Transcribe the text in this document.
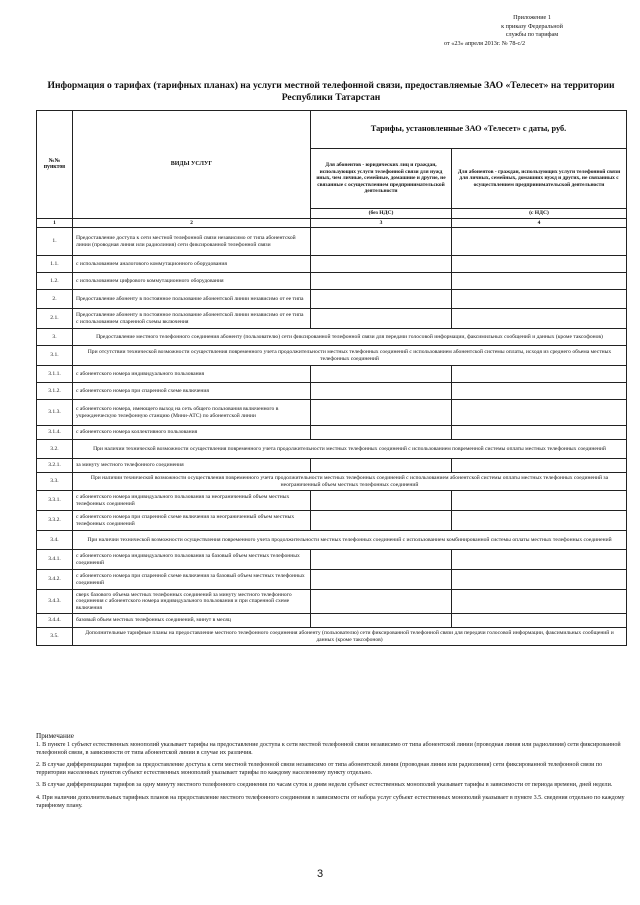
Приложение 1
к приказу Федеральной
службы по тарифам
от «23» апреля 2013г. № 78-с/2
Информация о тарифах (тарифных планах) на услуги местной телефонной связи, предоставляемые ЗАО «Телесет» на территории Республики Татарстан
№№ пунктов	ВИДЫ УСЛУГ	Тарифы, установленные ЗАО «Телесет» с даты, руб.	
		Для абонентов - юридических лиц и граждан, использующих услуги телефонной связи для нужд иных, чем личные, семейные, домашние и другие, не связанные с осуществлением предпринимательской деятельности	Для абонентов - граждан, использующих услуги телефонной связи для личных, семейных, домашних нужд и других, не связанных с осуществлением предпринимательской деятельности
		(без НДС)	(с НДС)
1	2	3	4
1.	Предоставление доступа к сети местной телефонной связи независимо от типа абонентской линии (проводная линия или радиолиния) сети фиксированной телефонной связи		
1.1.	с использованием аналогового коммутационного оборудования		
1.2.	с использованием цифрового коммутационного оборудования		
2.	Предоставление абоненту в постоянное пользование абонентской линии независимо от ее типа		
2.1.	Предоставление абоненту в постоянное пользование абонентской линии независимо от ее типа с использованием спаренной схемы включения		
3.	Предоставление местного телефонного соединения абоненту (пользователю) сети фиксированной телефонной связи для передачи голосовой информации, факсимильных сообщений и данных (кроме таксофонов)		
3.1.	При отсутствии технической возможности осуществления повременного учета продолжительности местных телефонных соединений с использованием абонентской системы оплаты, исходя из среднего объема местных телефонных соединений		
3.1.1.	с абонентского номера индивидуального пользования		
3.1.2.	с абонентского номера при спаренной схеме включения		
3.1.3.	с абонентского номера, имеющего выход на сеть общего пользования включенного в учрежденческую телефонную станцию (Мини-АТС) по абонентской линии		
3.1.4.	с абонентского номера коллективного пользования		
3.2.	При наличии технической возможности осуществления повременного учета продолжительности местных телефонных соединений с использованием повременной системы оплаты местных телефонных соединений		
3.2.1.	за минуту местного телефонного соединения		
3.3.	При наличии технической возможности осуществления повременного учета продолжительности местных телефонных соединений с использованием абонентской системы оплаты местных телефонных соединений за неограниченный объем местных телефонных соединений		
3.3.1.	с абонентского номера индивидуального пользования за неограниченный объем местных телефонных соединений		
3.3.2.	с абонентского номера при спаренной схеме включения за неограниченный объем местных телефонных соединений		
3.4.	При наличии технической возможности осуществления повременного учета продолжительности местных телефонных соединений с использованием комбинированной системы оплаты местных телефонных соединений		
3.4.1.	с абонентского номера индивидуального пользования за базовый объем местных телефонных соединений		
3.4.2.	с абонентского номера при спаренной схеме включения за базовый объем местных телефонных соединений		
3.4.3.	сверх базового объема местных телефонных соединений за минуту местного телефонного соединения с абонентского номера индивидуального пользования и при спаренной схеме включения		
3.4.4.	базовый объем местных телефонных соединений, минут в месяц		
3.5.	Дополнительные тарифные планы на предоставление местного телефонного соединения абоненту (пользователю) сети фиксированной телефонной связи для передачи голосовой информации, факсимильных сообщений и данных (кроме таксофонов)		

Примечание

1. В пункте 1 субъект естественных монополий указывает тарифы на предоставление доступа к сети местной телефонной связи независимо от типа абонентской линии (проводная линия или радиолиния) сети фиксированной телефонной связи, в зависимости от типа абонентской линии в случае их различия.

2. В случае дифференциации тарифов за предоставление доступа к сети местной телефонной связи независимо от типа абонентской линии (проводная линия или радиолиния) сети фиксированной телефонной связи по территории населенных пунктов субъект естественных монополий указывает тарифы по каждому населенному пункту отдельно.

3. В случае дифференциации тарифов за одну минуту местного телефонного соединения по часам суток и дням недели субъект естественных монополий указывает тарифы в зависимости от периода времени, дней недели.

4. При наличии дополнительных тарифных планов на предоставление местного телефонного соединения в зависимости от набора услуг субъект естественных монополий указывает в пункте 3.5. сведения отдельно по каждому тарифному плану.

3
